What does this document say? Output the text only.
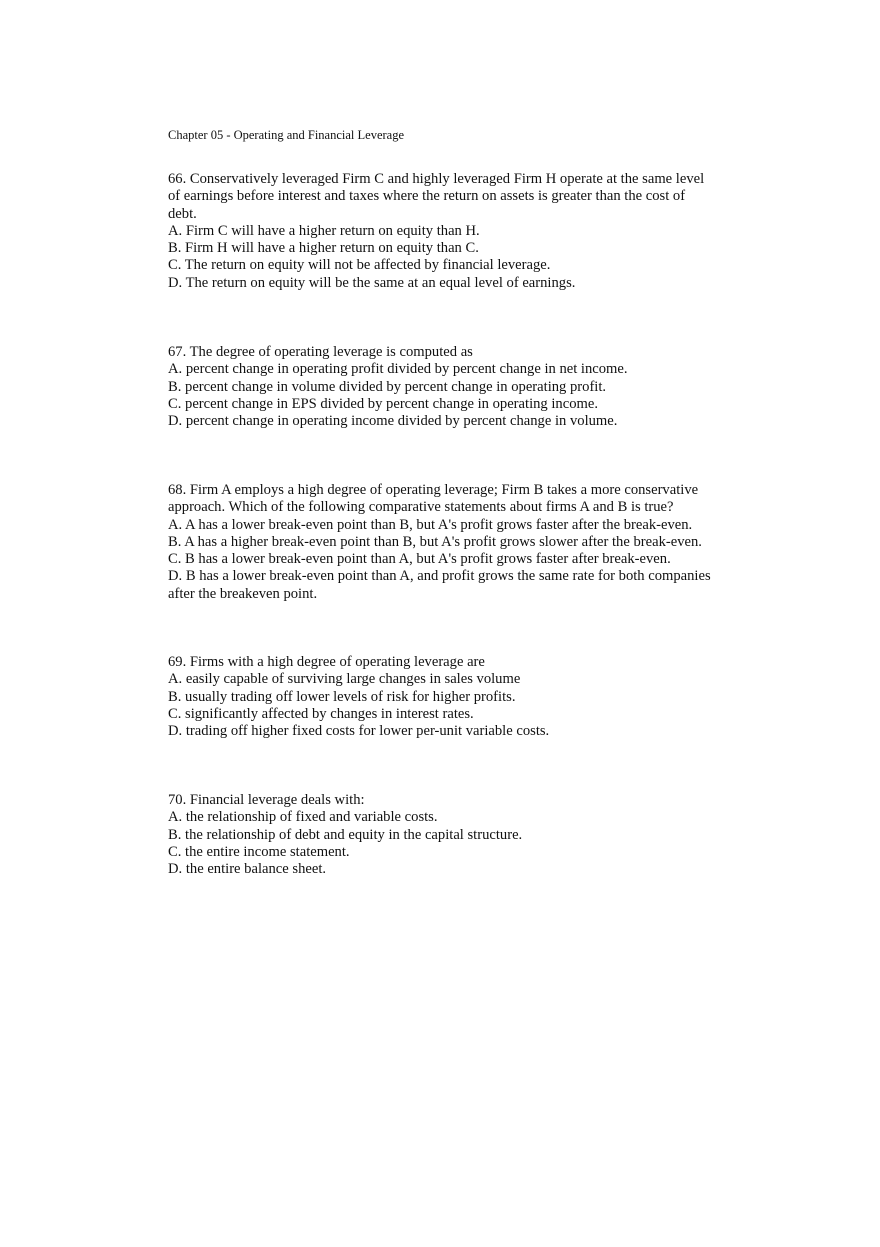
Chapter 05 - Operating and Financial Leverage
66. Conservatively leveraged Firm C and highly leveraged Firm H operate at the same level
of earnings before interest and taxes where the return on assets is greater than the cost of
debt.
A. Firm C will have a higher return on equity than H.
B. Firm H will have a higher return on equity than C.
C. The return on equity will not be affected by financial leverage.
D. The return on equity will be the same at an equal level of earnings.
67. The degree of operating leverage is computed as
A. percent change in operating profit divided by percent change in net income.
B. percent change in volume divided by percent change in operating profit.
C. percent change in EPS divided by percent change in operating income.
D. percent change in operating income divided by percent change in volume.
68. Firm A employs a high degree of operating leverage; Firm B takes a more conservative
approach. Which of the following comparative statements about firms A and B is true?
A. A has a lower break-even point than B, but A's profit grows faster after the break-even.
B. A has a higher break-even point than B, but A's profit grows slower after the break-even.
C. B has a lower break-even point than A, but A's profit grows faster after break-even.
D. B has a lower break-even point than A, and profit grows the same rate for both companies
after the breakeven point.
69. Firms with a high degree of operating leverage are
A. easily capable of surviving large changes in sales volume
B. usually trading off lower levels of risk for higher profits.
C. significantly affected by changes in interest rates.
D. trading off higher fixed costs for lower per-unit variable costs.
70. Financial leverage deals with:
A. the relationship of fixed and variable costs.
B. the relationship of debt and equity in the capital structure.
C. the entire income statement.
D. the entire balance sheet.
